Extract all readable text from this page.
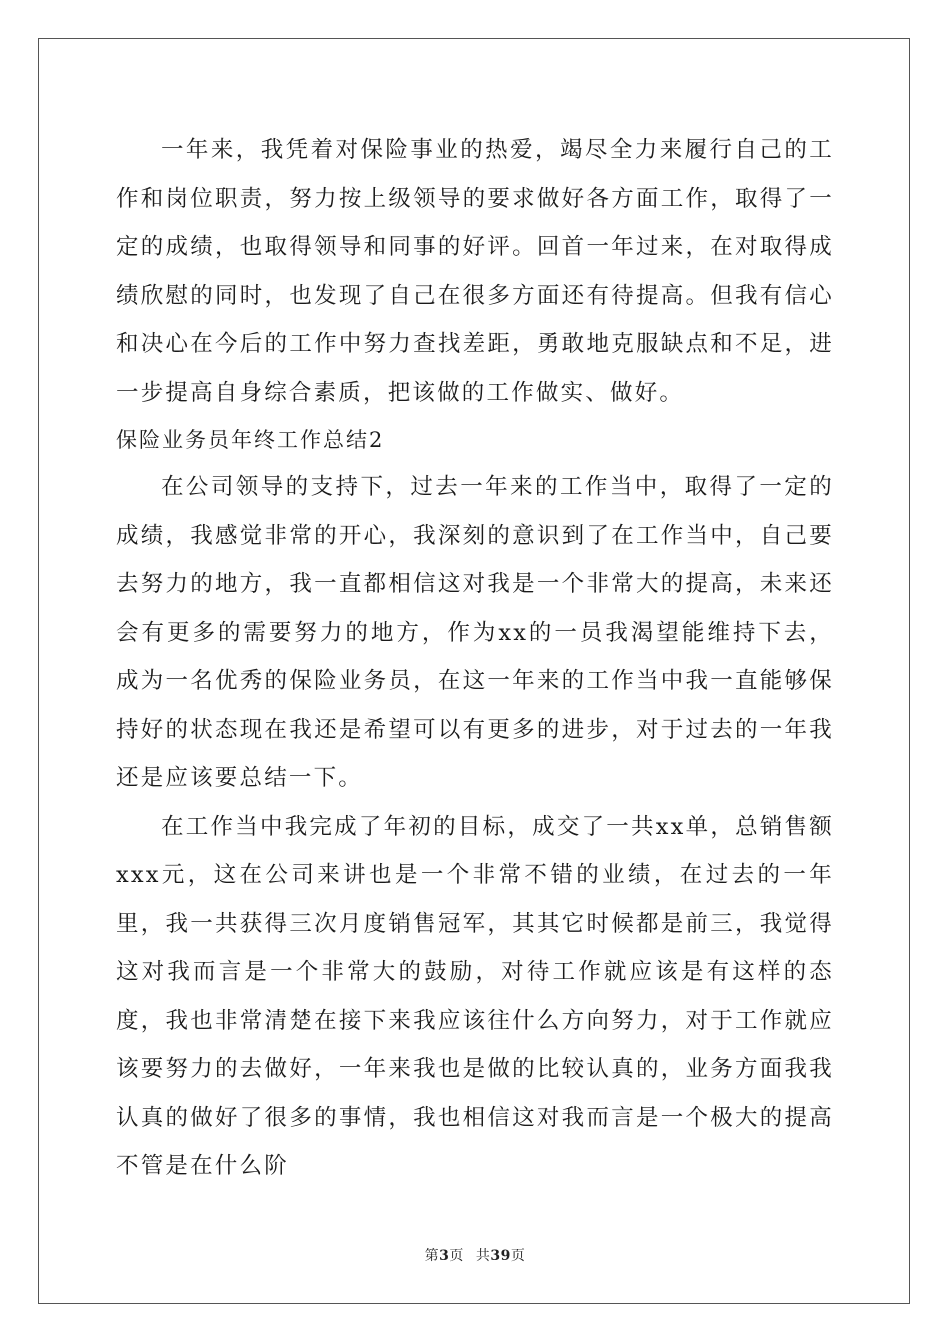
一年来，我凭着对保险事业的热爱，竭尽全力来履行自己的工作和岗位职责，努力按上级领导的要求做好各方面工作，取得了一定的成绩，也取得领导和同事的好评。回首一年过来，在对取得成绩欣慰的同时，也发现了自己在很多方面还有待提高。但我有信心和决心在今后的工作中努力查找差距，勇敢地克服缺点和不足，进一步提高自身综合素质，把该做的工作做实、做好。

保险业务员年终工作总结2

在公司领导的支持下，过去一年来的工作当中，取得了一定的成绩，我感觉非常的开心，我深刻的意识到了在工作当中，自己要去努力的地方，我一直都相信这对我是一个非常大的提高，未来还会有更多的需要努力的地方，作为xx的一员我渴望能维持下去，成为一名优秀的保险业务员，在这一年来的工作当中我一直能够保持好的状态现在我还是希望可以有更多的进步，对于过去的一年我还是应该要总结一下。

在工作当中我完成了年初的目标，成交了一共xx单，总销售额xxx元，这在公司来讲也是一个非常不错的业绩，在过去的一年里，我一共获得三次月度销售冠军，其其它时候都是前三，我觉得这对我而言是一个非常大的鼓励，对待工作就应该是有这样的态度，我也非常清楚在接下来我应该往什么方向努力，对于工作就应该要努力的去做好，一年来我也是做的比较认真的，业务方面我我认真的做好了很多的事情，我也相信这对我而言是一个极大的提高 不管是在什么阶

第3页 共39页
